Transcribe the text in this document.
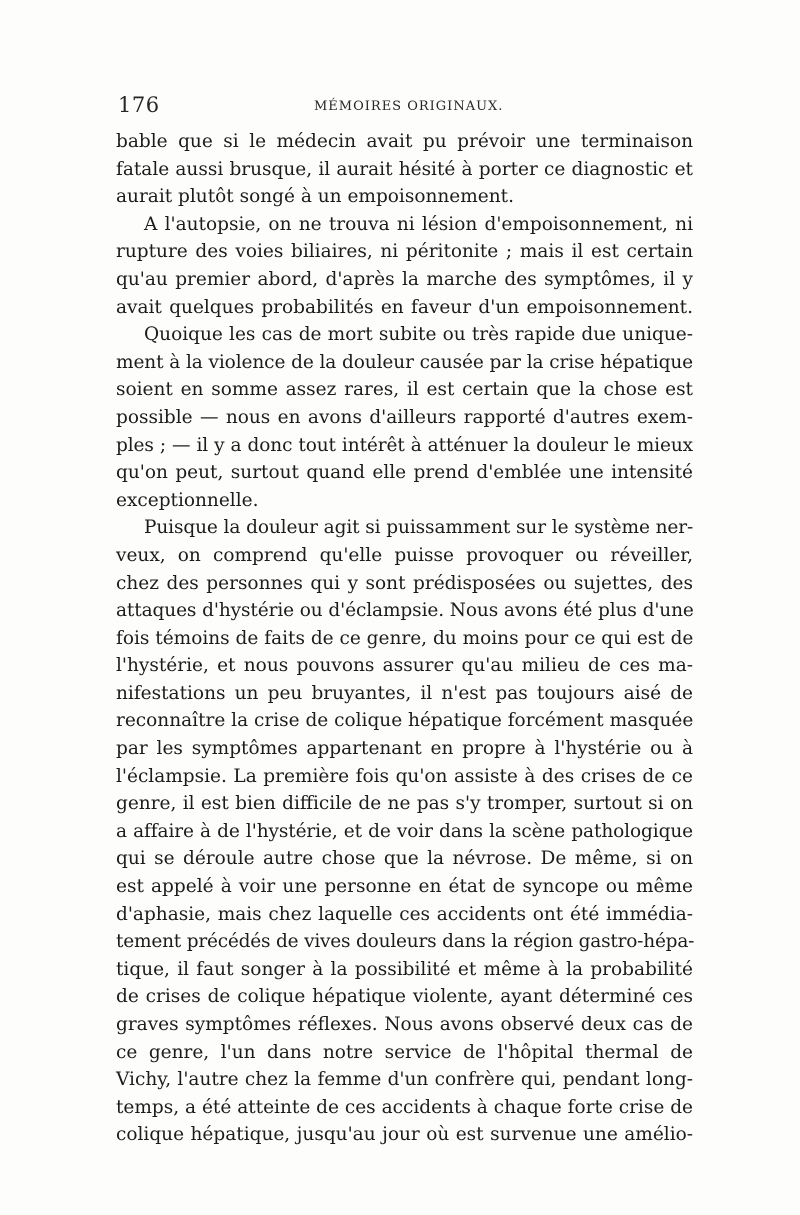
176	MÉMOIRES ORIGINAUX.
bable que si le médecin avait pu prévoir une terminaison
fatale aussi brusque, il aurait hésité à porter ce diagnostic et
aurait plutôt songé à un empoisonnement.
A l'autopsie, on ne trouva ni lésion d'empoisonnement, ni
rupture des voies biliaires, ni péritonite ; mais il est certain
qu'au premier abord, d'après la marche des symptômes, il y
avait quelques probabilités en faveur d'un empoisonnement.
Quoique les cas de mort subite ou très rapide due unique-
ment à la violence de la douleur causée par la crise hépatique
soient en somme assez rares, il est certain que la chose est
possible — nous en avons d'ailleurs rapporté d'autres exem-
ples ; — il y a donc tout intérêt à atténuer la douleur le mieux
qu'on peut, surtout quand elle prend d'emblée une intensité
exceptionnelle.
Puisque la douleur agit si puissamment sur le système ner-
veux, on comprend qu'elle puisse provoquer ou réveiller,
chez des personnes qui y sont prédisposées ou sujettes, des
attaques d'hystérie ou d'éclampsie. Nous avons été plus d'une
fois témoins de faits de ce genre, du moins pour ce qui est de
l'hystérie, et nous pouvons assurer qu'au milieu de ces ma-
nifestations un peu bruyantes, il n'est pas toujours aisé de
reconnaître la crise de colique hépatique forcément masquée
par les symptômes appartenant en propre à l'hystérie ou à
l'éclampsie. La première fois qu'on assiste à des crises de ce
genre, il est bien difficile de ne pas s'y tromper, surtout si on
a affaire à de l'hystérie, et de voir dans la scène pathologique
qui se déroule autre chose que la névrose. De même, si on
est appelé à voir une personne en état de syncope ou même
d'aphasie, mais chez laquelle ces accidents ont été immédia-
tement précédés de vives douleurs dans la région gastro-hépa-
tique, il faut songer à la possibilité et même à la probabilité
de crises de colique hépatique violente, ayant déterminé ces
graves symptômes réflexes. Nous avons observé deux cas de
ce genre, l'un dans notre service de l'hôpital thermal de
Vichy, l'autre chez la femme d'un confrère qui, pendant long-
temps, a été atteinte de ces accidents à chaque forte crise de
colique hépatique, jusqu'au jour où est survenue une amélio-
